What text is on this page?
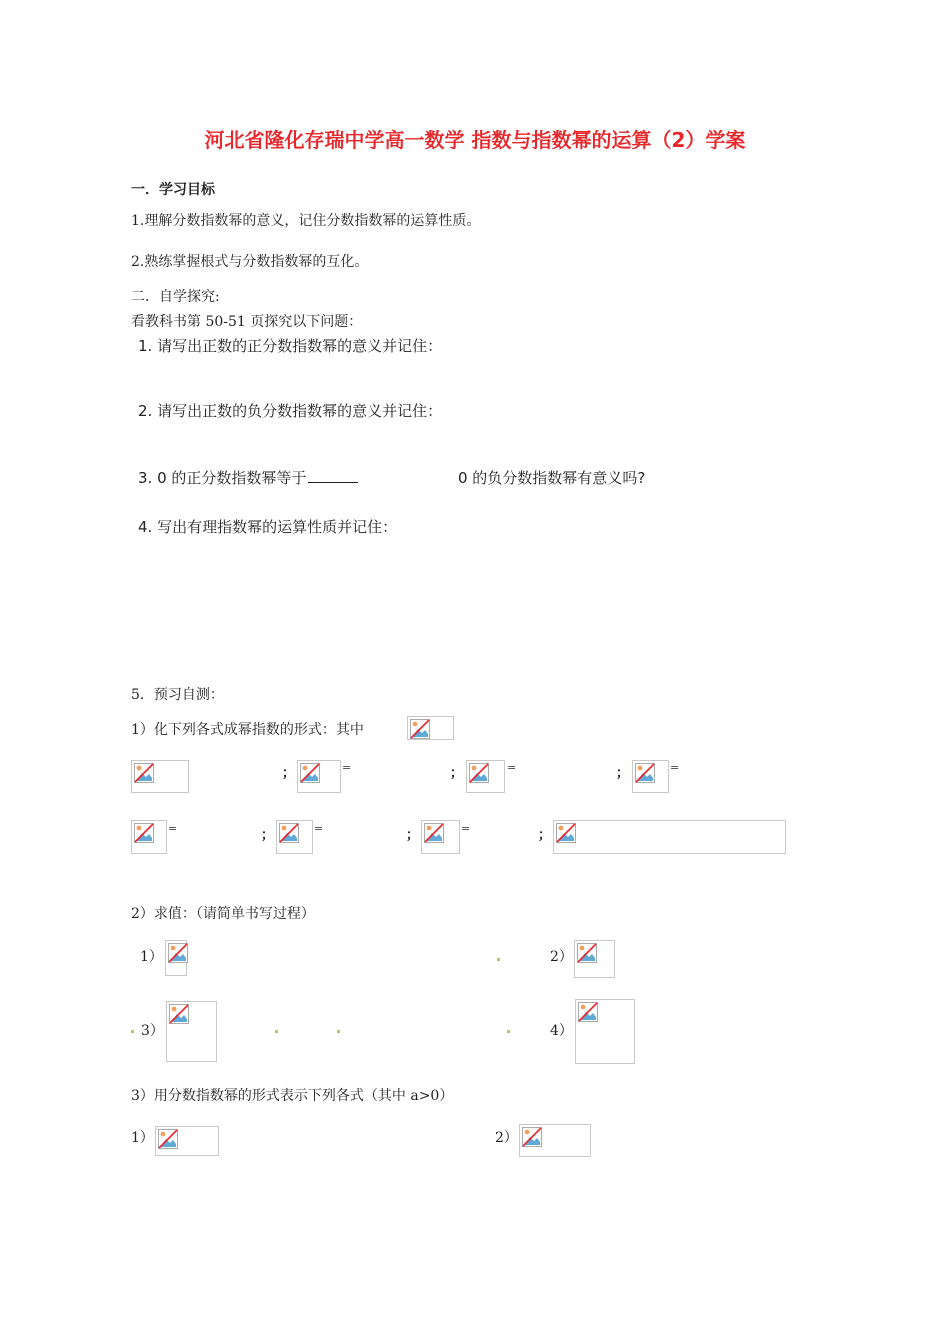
河北省隆化存瑞中学高一数学 指数与指数幂的运算（2）学案
一．学习目标
1.理解分数指数幂的意义，记住分数指数幂的运算性质。
2.熟练掌握根式与分数指数幂的互化。
二．自学探究:
看教科书第 50-51 页探究以下问题：
1. 请写出正数的正分数指数幂的意义并记住：
2. 请写出正数的负分数指数幂的意义并记住：
3. 0 的正分数指数幂等于	0 的负分数指数幂有意义吗?
4. 写出有理指数幂的运算性质并记住：
5．预习自测：
1）化下列各式成幂指数的形式：其中
；	=	；	=	；	=
=	；	=	；	=	；
2）求值：（请简单书写过程）
1）	2）
3）	4）
3）用分数指数幂的形式表示下列各式（其中 a>0）
1）	2）
